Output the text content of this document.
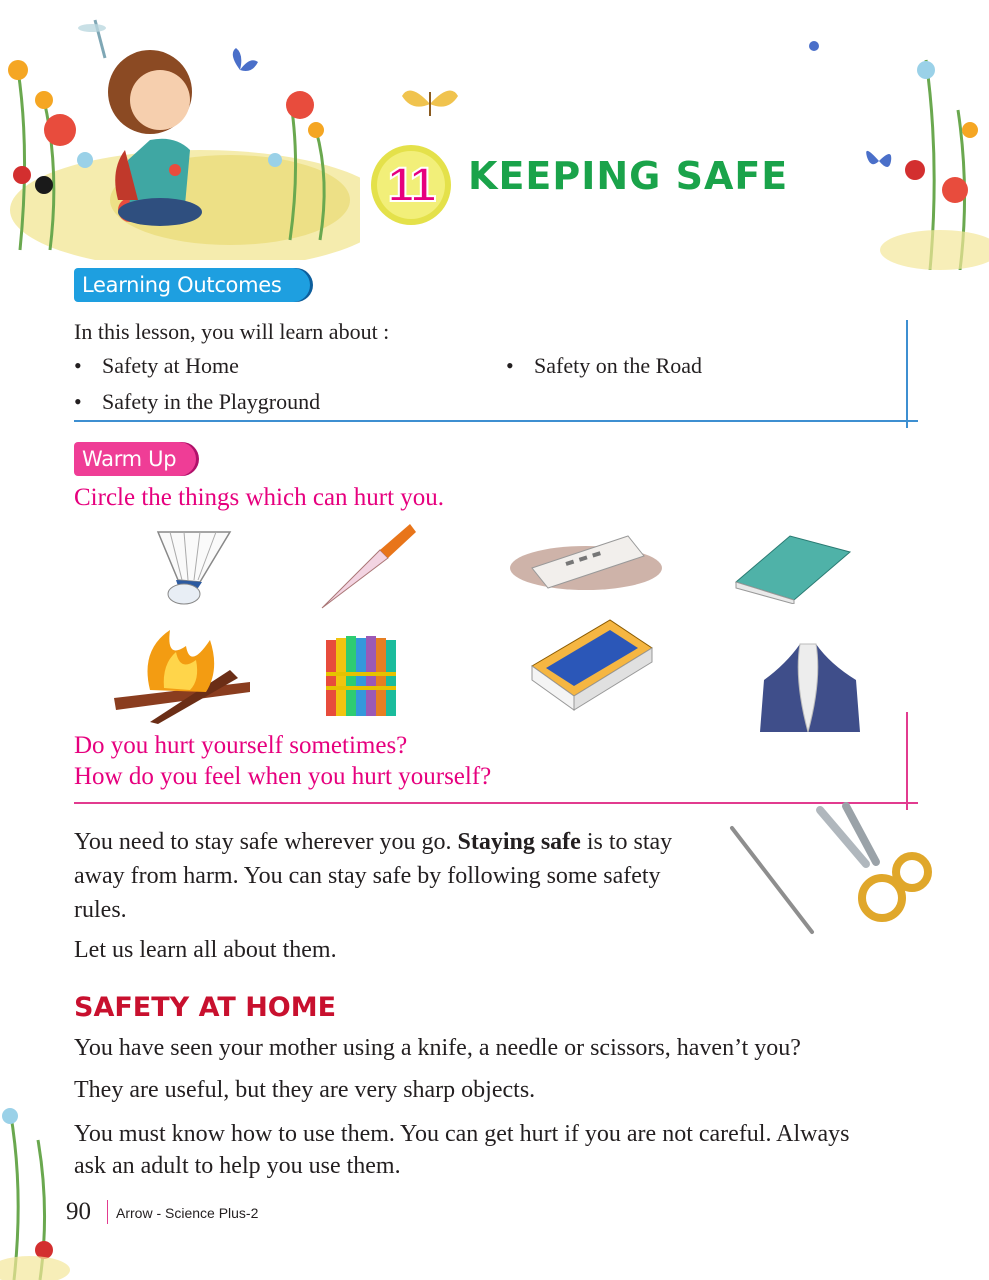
11 KEEPING SAFE
Learning Outcomes
In this lesson, you will learn about :
• Safety at Home
•	Safety on the Road
• Safety in the Playground
Warm Up
Circle the things which can hurt you.
Do you hurt yourself sometimes?
How do you feel when you hurt yourself?
You need to stay safe wherever you go. Staying safe is to stay
away from harm. You can stay safe by following some safety
rules.
Let us learn all about them.
SAFETY AT HOME
You have seen your mother using a knife, a needle or scissors, haven’t you?
They are useful, but they are very sharp objects.
You must know how to use them. You can get hurt if you are not careful. Always
ask an adult to help you use them.
90 Arrow - Science Plus-2
